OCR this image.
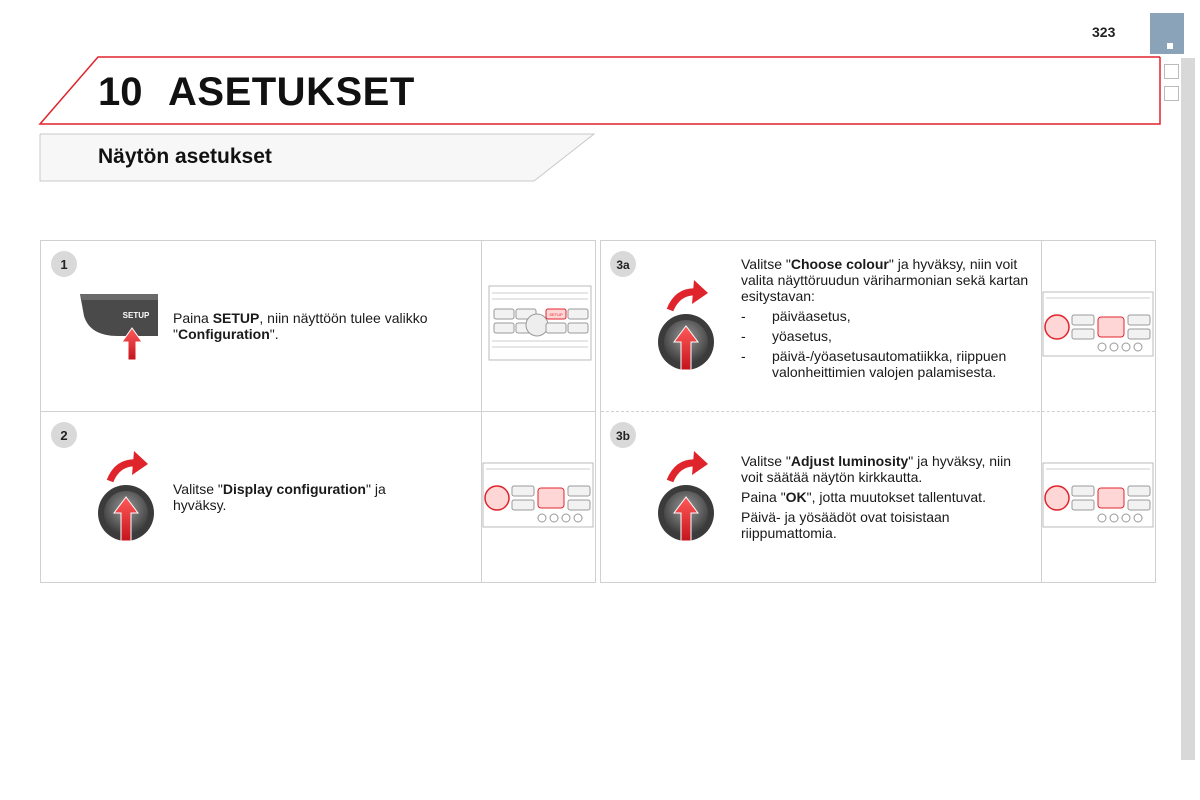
323
10 ASETUKSET
Näytön asetukset
1
2
3a
3b
SETUP	SETUP
Paina SETUP, niin näyttöön tulee valikko "Configuration".
Valitse "Display configuration" ja hyväksy.

Valitse "Choose colour" ja hyväksy, niin voit valita näyttöruudun väriharmonian sekä kartan esitystavan:

- päiväasetus,
- yöasetus,
- päivä-/yöasetusautomatiikka, riippuen valonheittimien valojen palamisesta.

Valitse "Adjust luminosity" ja hyväksy, niin voit säätää näytön kirkkautta.

Paina "OK", jotta muutokset tallentuvat.

Päivä- ja yösäädöt ovat toisistaan riippumattomia.
